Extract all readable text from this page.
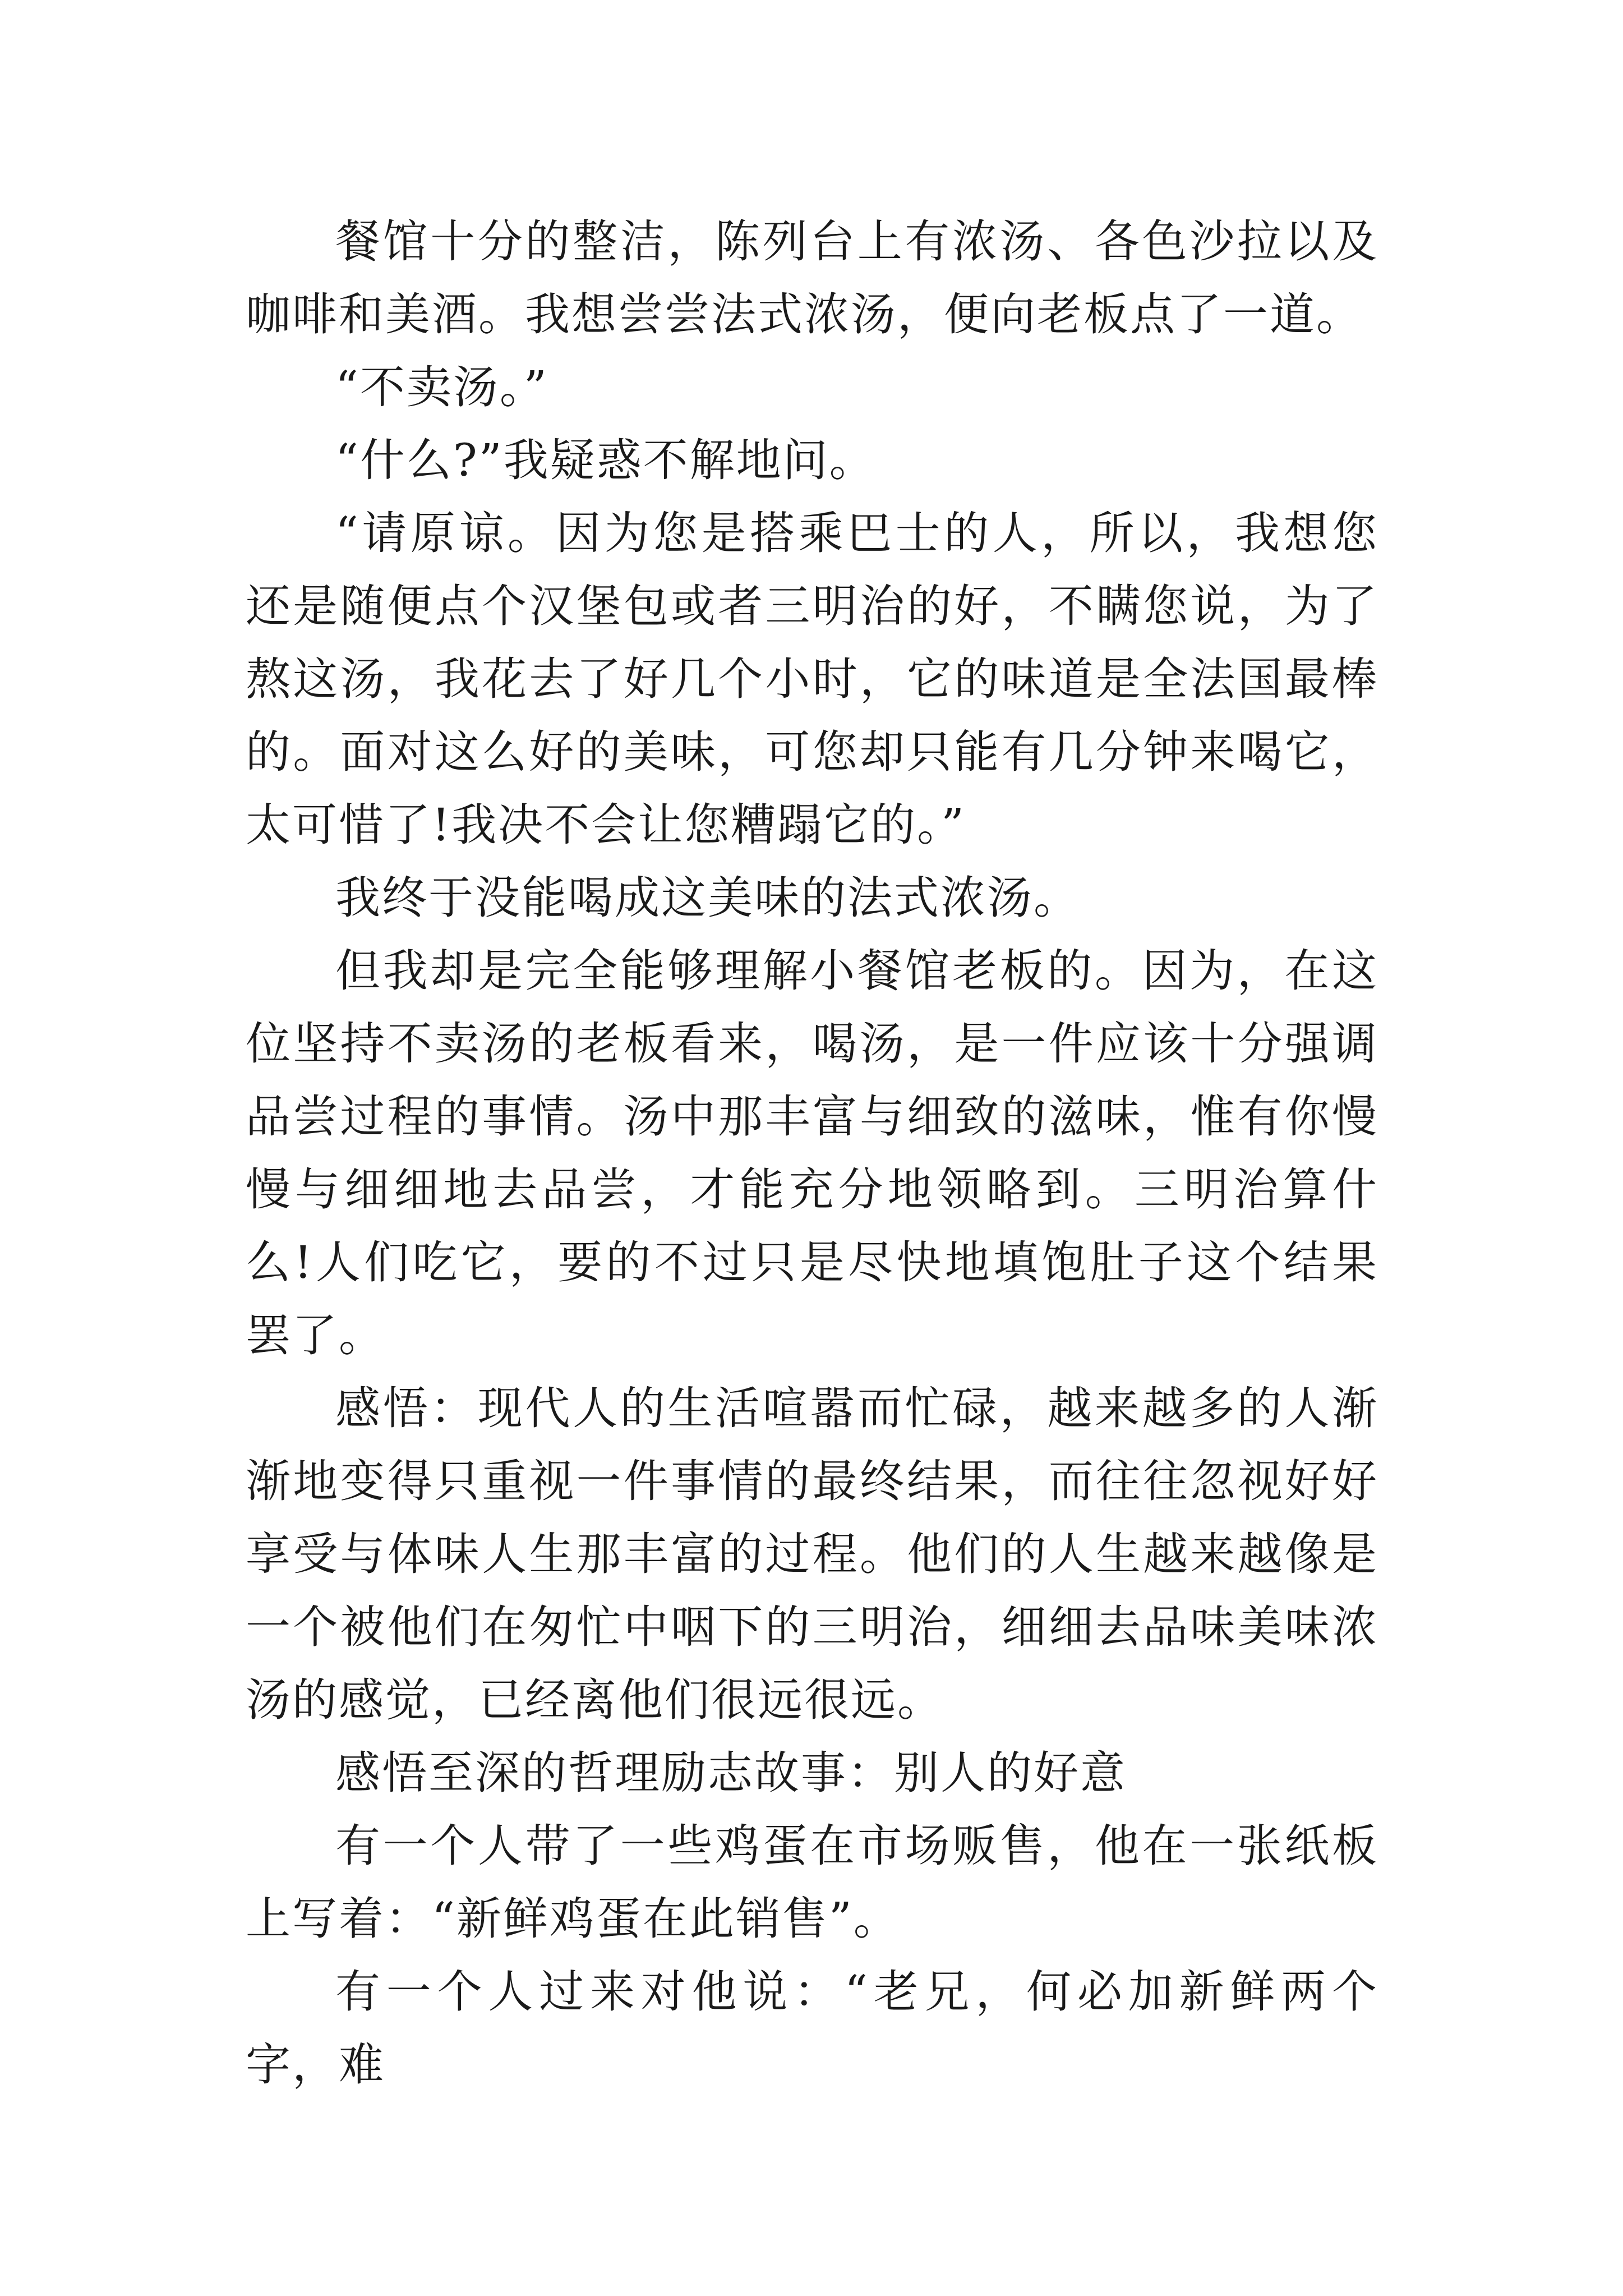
餐馆十分的整洁，陈列台上有浓汤、各色沙拉以及咖啡和美酒。我想尝尝法式浓汤，便向老板点了一道。

“不卖汤。”

“什么?”我疑惑不解地问。

“请原谅。因为您是搭乘巴士的人，所以，我想您还是随便点个汉堡包或者三明治的好，不瞒您说，为了熬这汤，我花去了好几个小时，它的味道是全法国最棒的。面对这么好的美味，可您却只能有几分钟来喝它，太可惜了!我决不会让您糟蹋它的。”

我终于没能喝成这美味的法式浓汤。

但我却是完全能够理解小餐馆老板的。因为，在这位坚持不卖汤的老板看来，喝汤，是一件应该十分强调品尝过程的事情。汤中那丰富与细致的滋味，惟有你慢慢与细细地去品尝，才能充分地领略到。三明治算什么!人们吃它，要的不过只是尽快地填饱肚子这个结果罢了。

感悟：现代人的生活喧嚣而忙碌，越来越多的人渐渐地变得只重视一件事情的最终结果，而往往忽视好好享受与体味人生那丰富的过程。他们的人生越来越像是一个被他们在匆忙中咽下的三明治，细细去品味美味浓汤的感觉，已经离他们很远很远。

感悟至深的哲理励志故事：别人的好意

有一个人带了一些鸡蛋在市场贩售，他在一张纸板上写着：“新鲜鸡蛋在此销售”。

有一个人过来对他说：“老兄，何必加新鲜两个字，难
